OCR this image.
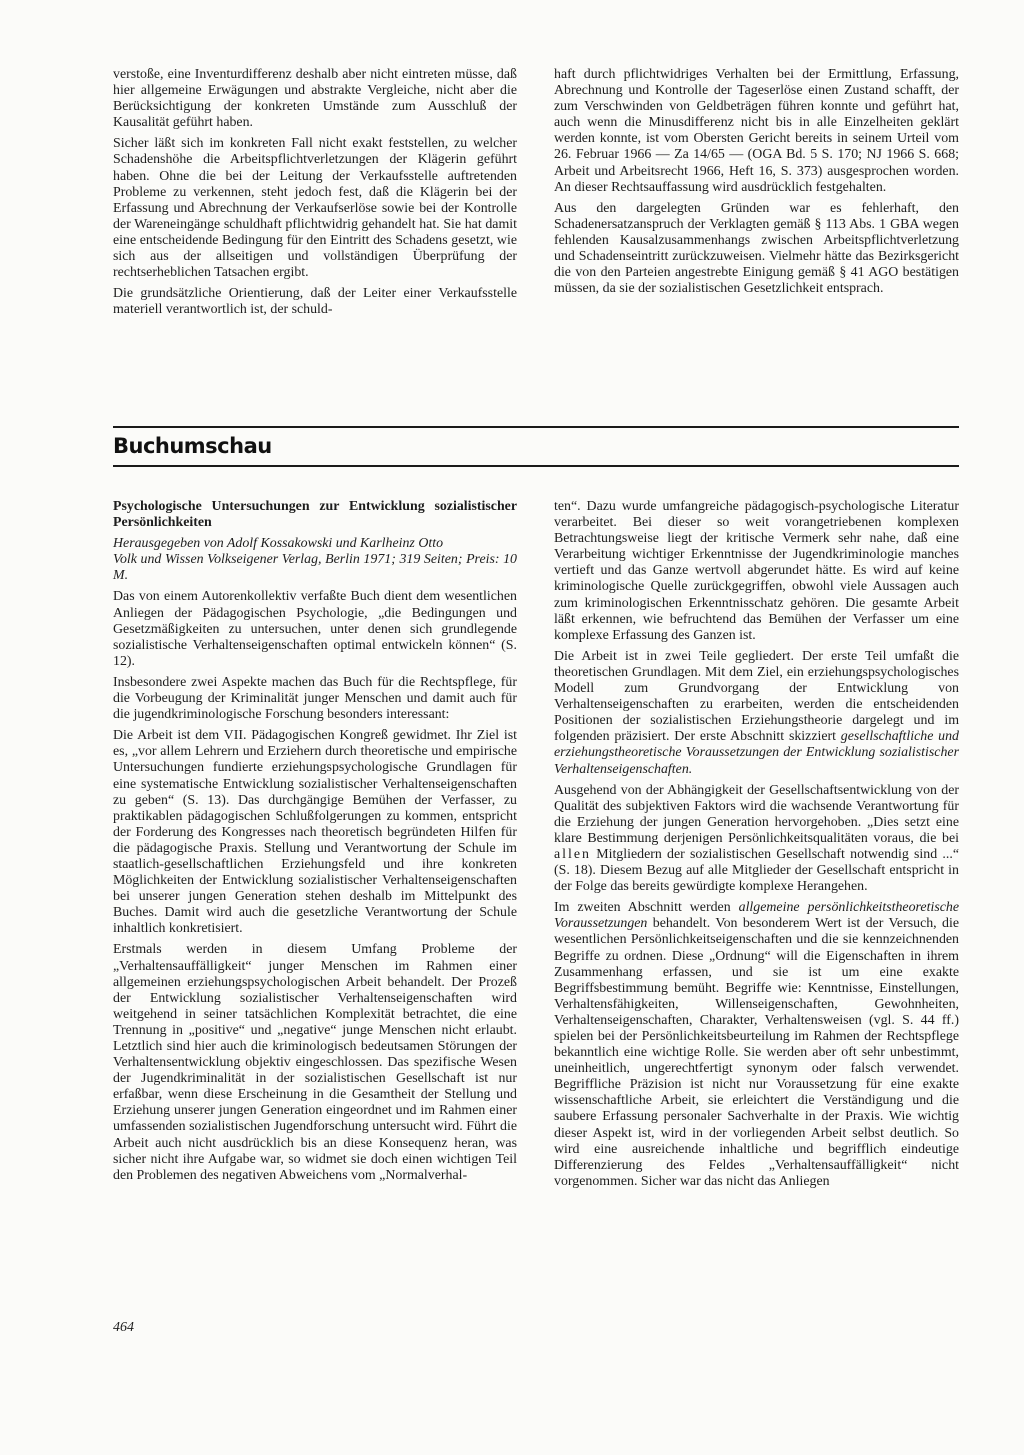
verstoße, eine Inventurdifferenz deshalb aber nicht eintreten müsse, daß hier allgemeine Erwägungen und abstrakte Vergleiche, nicht aber die Berücksichtigung der konkreten Umstände zum Ausschluß der Kausalität geführt haben.

Sicher läßt sich im konkreten Fall nicht exakt feststellen, zu welcher Schadenshöhe die Arbeitspflichtverletzungen der Klägerin geführt haben. Ohne die bei der Leitung der Verkaufsstelle auftretenden Probleme zu verkennen, steht jedoch fest, daß die Klägerin bei der Erfassung und Abrechnung der Verkaufserlöse sowie bei der Kontrolle der Wareneingänge schuldhaft pflichtwidrig gehandelt hat. Sie hat damit eine entscheidende Bedingung für den Eintritt des Schadens gesetzt, wie sich aus der allseitigen und vollständigen Überprüfung der rechtserheblichen Tatsachen ergibt.

Die grundsätzliche Orientierung, daß der Leiter einer Verkaufsstelle materiell verantwortlich ist, der schuld-

haft durch pflichtwidriges Verhalten bei der Ermittlung, Erfassung, Abrechnung und Kontrolle der Tageserlöse einen Zustand schafft, der zum Verschwinden von Geldbeträgen führen konnte und geführt hat, auch wenn die Minusdifferenz nicht bis in alle Einzelheiten geklärt werden konnte, ist vom Obersten Gericht bereits in seinem Urteil vom 26. Februar 1966 — Za 14/65 — (OGA Bd. 5 S. 170; NJ 1966 S. 668; Arbeit und Arbeitsrecht 1966, Heft 16, S. 373) ausgesprochen worden. An dieser Rechtsauffassung wird ausdrücklich festgehalten.

Aus den dargelegten Gründen war es fehlerhaft, den Schadenersatzanspruch der Verklagten gemäß § 113 Abs. 1 GBA wegen fehlenden Kausalzusammenhangs zwischen Arbeitspflichtverletzung und Schadenseintritt zurückzuweisen. Vielmehr hätte das Bezirksgericht die von den Parteien angestrebte Einigung gemäß § 41 AGO bestätigen müssen, da sie der sozialistischen Gesetzlichkeit entsprach.

Buchumschau

Psychologische Untersuchungen zur Entwicklung sozialistischer Persönlichkeiten

Herausgegeben von Adolf Kossakowski und Karlheinz Otto

Volk und Wissen Volkseigener Verlag, Berlin 1971; 319 Seiten; Preis: 10 M.

Das von einem Autorenkollektiv verfaßte Buch dient dem wesentlichen Anliegen der Pädagogischen Psychologie, „die Bedingungen und Gesetzmäßigkeiten zu untersuchen, unter denen sich grundlegende sozialistische Verhaltenseigenschaften optimal entwickeln können“ (S. 12).

Insbesondere zwei Aspekte machen das Buch für die Rechtspflege, für die Vorbeugung der Kriminalität junger Menschen und damit auch für die jugendkriminologische Forschung besonders interessant:

Die Arbeit ist dem VII. Pädagogischen Kongreß gewidmet. Ihr Ziel ist es, „vor allem Lehrern und Erziehern durch theoretische und empirische Untersuchungen fundierte erziehungspsychologische Grundlagen für eine systematische Entwicklung sozialistischer Verhaltenseigenschaften zu geben“ (S. 13). Das durchgängige Bemühen der Verfasser, zu praktikablen pädagogischen Schlußfolgerungen zu kommen, entspricht der Forderung des Kongresses nach theoretisch begründeten Hilfen für die pädagogische Praxis. Stellung und Verantwortung der Schule im staatlich-gesellschaftlichen Erziehungsfeld und ihre konkreten Möglichkeiten der Entwicklung sozialistischer Verhaltenseigenschaften bei unserer jungen Generation stehen deshalb im Mittelpunkt des Buches. Damit wird auch die gesetzliche Verantwortung der Schule inhaltlich konkretisiert.

Erstmals werden in diesem Umfang Probleme der „Verhaltensauffälligkeit“ junger Menschen im Rahmen einer allgemeinen erziehungspsychologischen Arbeit behandelt. Der Prozeß der Entwicklung sozialistischer Verhaltenseigenschaften wird weitgehend in seiner tatsächlichen Komplexität betrachtet, die eine Trennung in „positive“ und „negative“ junge Menschen nicht erlaubt. Letztlich sind hier auch die kriminologisch bedeutsamen Störungen der Verhaltensentwicklung objektiv eingeschlossen. Das spezifische Wesen der Jugendkriminalität in der sozialistischen Gesellschaft ist nur erfaßbar, wenn diese Erscheinung in die Gesamtheit der Stellung und Erziehung unserer jungen Generation eingeordnet und im Rahmen einer umfassenden sozialistischen Jugendforschung untersucht wird. Führt die Arbeit auch nicht ausdrücklich bis an diese Konsequenz heran, was sicher nicht ihre Aufgabe war, so widmet sie doch einen wichtigen Teil den Problemen des negativen Abweichens vom „Normalverhal-

ten“. Dazu wurde umfangreiche pädagogisch-psychologische Literatur verarbeitet. Bei dieser so weit vorangetriebenen komplexen Betrachtungsweise liegt der kritische Vermerk sehr nahe, daß eine Verarbeitung wichtiger Erkenntnisse der Jugendkriminologie manches vertieft und das Ganze wertvoll abgerundet hätte. Es wird auf keine kriminologische Quelle zurückgegriffen, obwohl viele Aussagen auch zum kriminologischen Erkenntnisschatz gehören. Die gesamte Arbeit läßt erkennen, wie befruchtend das Bemühen der Verfasser um eine komplexe Erfassung des Ganzen ist.

Die Arbeit ist in zwei Teile gegliedert. Der erste Teil umfaßt die theoretischen Grundlagen. Mit dem Ziel, ein erziehungspsychologisches Modell zum Grundvorgang der Entwicklung von Verhaltenseigenschaften zu erarbeiten, werden die entscheidenden Positionen der sozialistischen Erziehungstheorie dargelegt und im folgenden präzisiert. Der erste Abschnitt skizziert gesellschaftliche und erziehungstheoretische Voraussetzungen der Entwicklung sozialistischer Verhaltenseigenschaften.

Ausgehend von der Abhängigkeit der Gesellschaftsentwicklung von der Qualität des subjektiven Faktors wird die wachsende Verantwortung für die Erziehung der jungen Generation hervorgehoben. „Dies setzt eine klare Bestimmung derjenigen Persönlichkeitsqualitäten voraus, die bei allen Mitgliedern der sozialistischen Gesellschaft notwendig sind ...“ (S. 18). Diesem Bezug auf alle Mitglieder der Gesellschaft entspricht in der Folge das bereits gewürdigte komplexe Herangehen.

Im zweiten Abschnitt werden allgemeine persönlichkeitstheoretische Voraussetzungen behandelt. Von besonderem Wert ist der Versuch, die wesentlichen Persönlichkeitseigenschaften und die sie kennzeichnenden Begriffe zu ordnen. Diese „Ordnung“ will die Eigenschaften in ihrem Zusammenhang erfassen, und sie ist um eine exakte Begriffsbestimmung bemüht. Begriffe wie: Kenntnisse, Einstellungen, Verhaltensfähigkeiten, Willenseigenschaften, Gewohnheiten, Verhaltenseigenschaften, Charakter, Verhaltensweisen (vgl. S. 44 ff.) spielen bei der Persönlichkeitsbeurteilung im Rahmen der Rechtspflege bekanntlich eine wichtige Rolle. Sie werden aber oft sehr unbestimmt, uneinheitlich, ungerechtfertigt synonym oder falsch verwendet. Begriffliche Präzision ist nicht nur Voraussetzung für eine exakte wissenschaftliche Arbeit, sie erleichtert die Verständigung und die saubere Erfassung personaler Sachverhalte in der Praxis. Wie wichtig dieser Aspekt ist, wird in der vorliegenden Arbeit selbst deutlich. So wird eine ausreichende inhaltliche und begrifflich eindeutige Differenzierung des Feldes „Verhaltensauffälligkeit“ nicht vorgenommen. Sicher war das nicht das Anliegen

464
